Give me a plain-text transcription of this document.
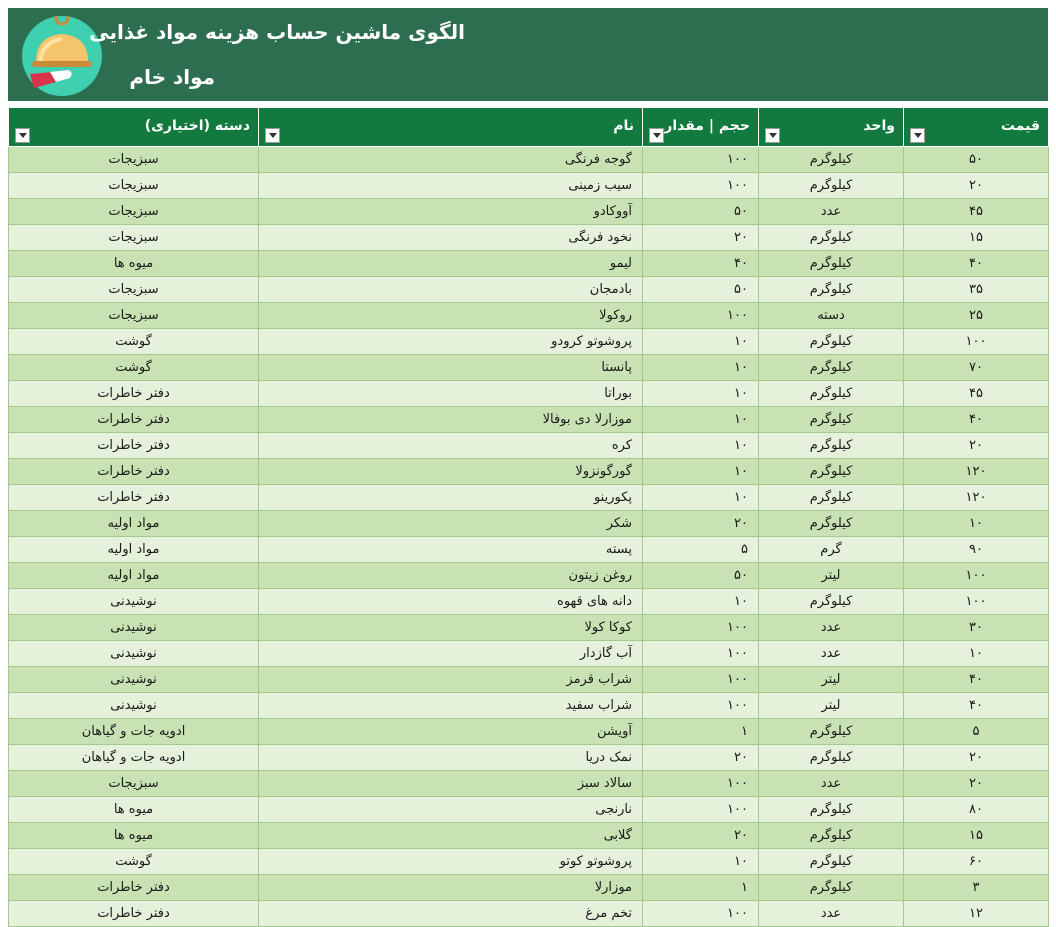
الگوی ماشین حساب هزینه مواد غذایی
مواد خام
قیمت	واحد	حجم | مقدار	نام	دسته (اختیاری)

۵۰	کیلوگرم	۱۰۰	گوجه فرنگی	سبزیجات
۲۰	کیلوگرم	۱۰۰	سیب زمینی	سبزیجات
۴۵	عدد	۵۰	آووکادو	سبزیجات
۱۵	کیلوگرم	۲۰	نخود فرنگی	سبزیجات
۴۰	کیلوگرم	۴۰	لیمو	میوه ها
۳۵	کیلوگرم	۵۰	بادمجان	سبزیجات
۲۵	دسته	۱۰۰	روکولا	سبزیجات
۱۰۰	کیلوگرم	۱۰	پروشوتو کرودو	گوشت
۷۰	کیلوگرم	۱۰	پانستا	گوشت
۴۵	کیلوگرم	۱۰	بوراتا	دفتر خاطرات
۴۰	کیلوگرم	۱۰	موزارلا دی بوفالا	دفتر خاطرات
۲۰	کیلوگرم	۱۰	کره	دفتر خاطرات
۱۲۰	کیلوگرم	۱۰	گورگونزولا	دفتر خاطرات
۱۲۰	کیلوگرم	۱۰	پکورینو	دفتر خاطرات
۱۰	کیلوگرم	۲۰	شکر	مواد اولیه
۹۰	گرم	۵	پسته	مواد اولیه
۱۰۰	لیتر	۵۰	روغن زیتون	مواد اولیه
۱۰۰	کیلوگرم	۱۰	دانه های قهوه	نوشیدنی
۳۰	عدد	۱۰۰	کوکا کولا	نوشیدنی
۱۰	عدد	۱۰۰	آب گازدار	نوشیدنی
۴۰	لیتر	۱۰۰	شراب قرمز	نوشیدنی
۴۰	لیتر	۱۰۰	شراب سفید	نوشیدنی
۵	کیلوگرم	۱	آویشن	ادویه جات و گیاهان
۲۰	کیلوگرم	۲۰	نمک دریا	ادویه جات و گیاهان
۲۰	عدد	۱۰۰	سالاد سبز	سبزیجات
۸۰	کیلوگرم	۱۰۰	نارنجی	میوه ها
۱۵	کیلوگرم	۲۰	گلابی	میوه ها
۶۰	کیلوگرم	۱۰	پروشوتو کوتو	گوشت
۳	کیلوگرم	۱	موزارلا	دفتر خاطرات
۱۲	عدد	۱۰۰	تخم مرغ	دفتر خاطرات
